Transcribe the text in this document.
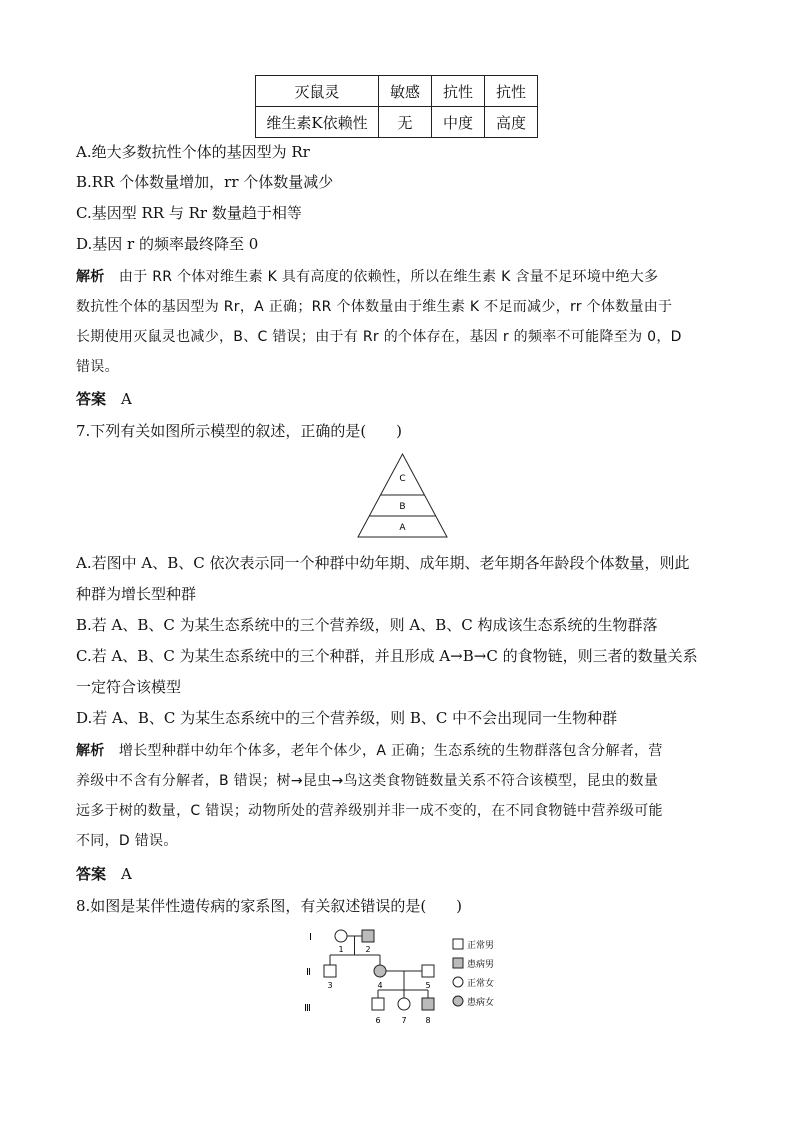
灭鼠灵	敏感	抗性	抗性
维生素K依赖性	无	中度	高度
A.绝大多数抗性个体的基因型为 Rr
B.RR 个体数量增加，rr 个体数量减少
C.基因型 RR 与 Rr 数量趋于相等
D.基因 r 的频率最终降至 0
解析　 由于 RR 个体对维生素 K 具有高度的依赖性，所以在维生素 K 含量不足环境中绝大多
数抗性个体的基因型为 Rr，A 正确；RR 个体数量由于维生素 K 不足而减少，rr 个体数量由于
长期使用灭鼠灵也减少，B、C 错误；由于有 Rr 的个体存在，基因 r 的频率不可能降至为 0，D
错误。
答案　 A
7.下列有关如图所示模型的叙述，正确的是(　　)
C
B
A
A.若图中 A、B、C 依次表示同一个种群中幼年期、成年期、老年期各年龄段个体数量，则此
种群为增长型种群
B.若 A、B、C 为某生态系统中的三个营养级，则 A、B、C 构成该生态系统的生物群落
C.若 A、B、C 为某生态系统中的三个种群，并且形成 A→B→C 的食物链，则三者的数量关系
一定符合该模型
D.若 A、B、C 为某生态系统中的三个营养级，则 B、C 中不会出现同一生物种群
解析　 增长型种群中幼年个体多，老年个体少，A 正确；生态系统的生物群落包含分解者，营
养级中不含有分解者，B 错误；树→昆虫→鸟这类食物链数量关系不符合该模型，昆虫的数量
远多于树的数量，C 错误；动物所处的营养级别并非一成不变的，在不同食物链中营养级可能
不同，D 错误。
答案　 A
8.如图是某伴性遗传病的家系图，有关叙述错误的是(　　)
Ⅰ
Ⅱ
Ⅲ
1	2
3	4	5
6	7 8
正常男
患病男
正常女
患病女
